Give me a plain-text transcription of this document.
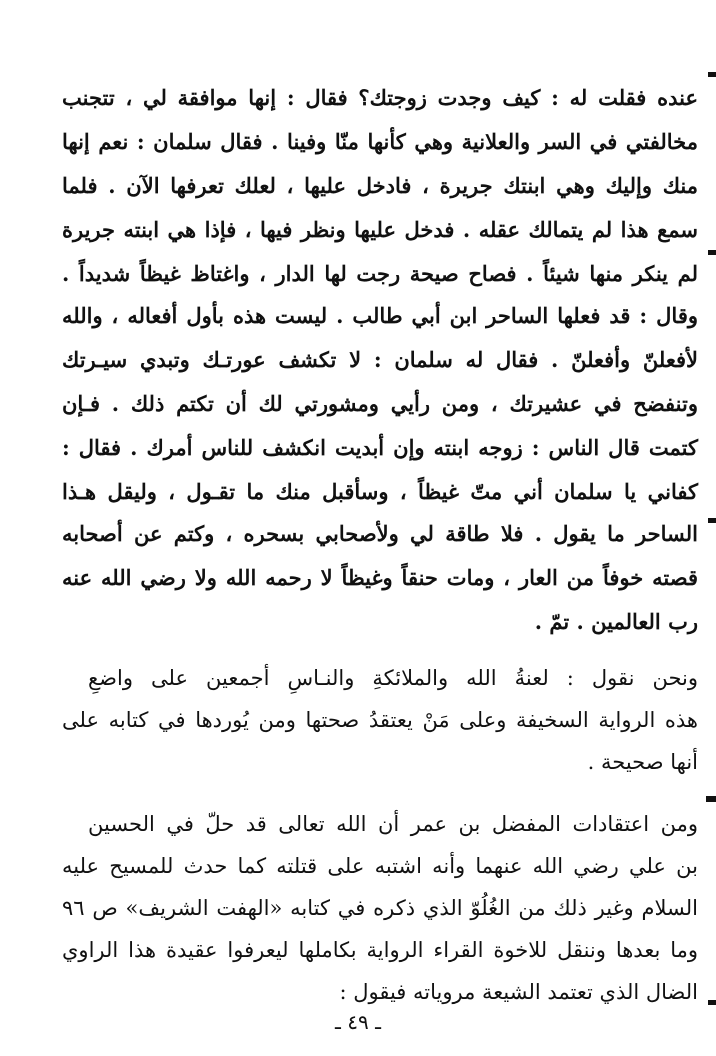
عنده فقلت له : كيف وجدت زوجتك؟ فقال : إنها موافقة لي ، تتجنب
مخالفتي في السر والعلانية وهي كأنها منّا وفينا . فقال سلمان : نعم إنها
منك وإليك وهي ابنتك جريرة ، فادخل عليها ، لعلك تعرفها الآن . فلما
سمع هذا لم يتمالك عقله . فدخل عليها ونظر فيها ، فإذا هي ابنته جريرة
لم ينكر منها شيئاً . فصاح صيحة رجت لها الدار ، واغتاظ غيظاً شديداً .
وقال : قد فعلها الساحر ابن أبي طالب . ليست هذه بأول أفعاله ، والله
لأفعلنّ وأفعلنّ . فقال له سلمان : لا تكشف عورتـك وتبدي سيـرتك
وتنفضح في عشيرتك ، ومن رأيي ومشورتي لك أن تكتم ذلك . فـإن
كتمت قال الناس : زوجه ابنته وإن أبديت انكشف للناس أمرك . فقال :
كفاني يا سلمان أني متّ غيظاً ، وسأقبل منك ما تقـول ، وليقل هـذا
الساحر ما يقول . فلا طاقة لي ولأصحابي بسحره ، وكتم عن أصحابه
قصته خوفاً من العار ، ومات حنقاً وغيظاً لا رحمه الله ولا رضي الله عنه
رب العالمين . تمّ .
ونحن نقول : لعنةُ الله والملائكةِ والنـاسِ أجمعين على واضعِ
هذه الرواية السخيفة وعلى مَنْ يعتقدُ صحتها ومن يُوردها في كتابه على
أنها صحيحة .
ومن اعتقادات المفضل بن عمر أن الله تعالى قد حلّ في الحسين
بن علي رضي الله عنهما وأنه اشتبه على قتلته كما حدث للمسيح عليه
السلام وغير ذلك من الغُلُوّ الذي ذكره في كتابه «الهفت الشريف» ص ٩٦
وما بعدها وننقل للاخوة القراء الرواية بكاملها ليعرفوا عقيدة هذا الراوي
الضال الذي تعتمد الشيعة مروياته فيقول :
ـ ٤٩ ـ
